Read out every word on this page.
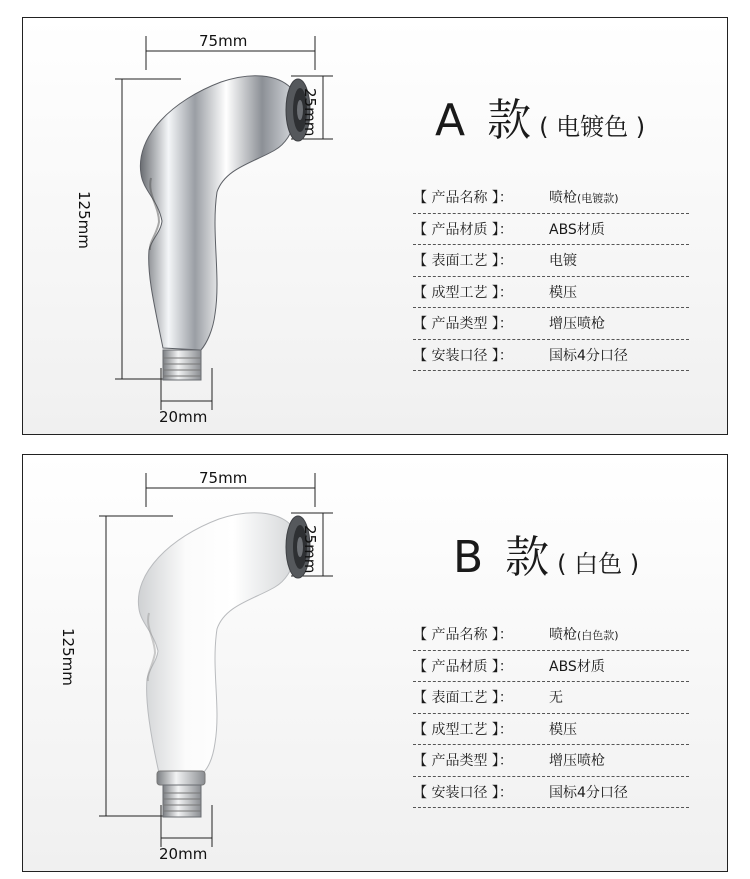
75mm
25mm
125mm
20mm
A 款 ( 电镀色 )
【 产品名称 】：	喷枪(电镀款)
【 产品材质 】：	ABS材质
【 表面工艺 】：	电镀
【 成型工艺 】：	模压
【 产品类型 】：	增压喷枪
【 安装口径 】：	国标4分口径
75mm
25mm
125mm
20mm
B 款 ( 白色 )
【 产品名称 】：	喷枪(白色款)
【 产品材质 】：	ABS材质
【 表面工艺 】：	无
【 成型工艺 】：	模压
【 产品类型 】：	增压喷枪
【 安装口径 】：	国标4分口径
